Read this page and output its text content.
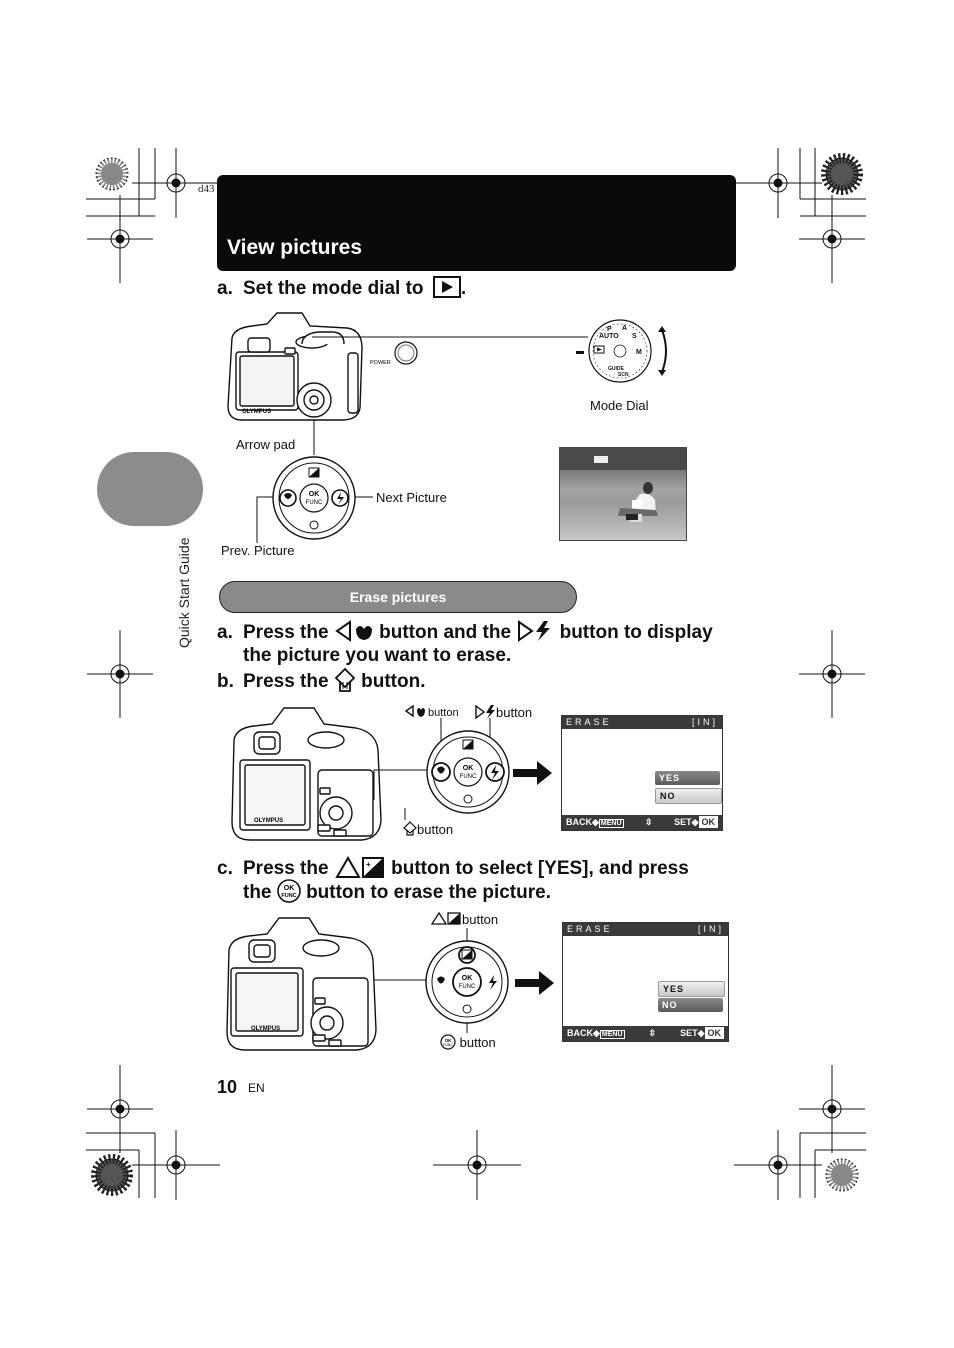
d43
View pictures
Quick Start Guide
a. Set the mode dial to .
OLYMPUS
POWER
AUTO
P A
S
M
SCN
GUIDE
Mode Dial
Arrow pad
OK
FUNC	Next Picture
Prev. Picture
Erase pictures
a. Press the	button and the	button to display
the picture you want to erase.
b. Press the button.
OLYMPUS
button	button
OK
FUNC
button
ERASE	[IN]
YES
NO
BACK◆ MENU	⇳ SET◆ OK
c. Press the	+ button to select [YES], and press
the OK
FUNC button to erase the picture.
OLYMPUS
button
OK
FUNC
OK
FUNC button
ERASE	[IN]
YES
NO
BACK◆ MENU	⇳	SET◆ OK
10 EN
